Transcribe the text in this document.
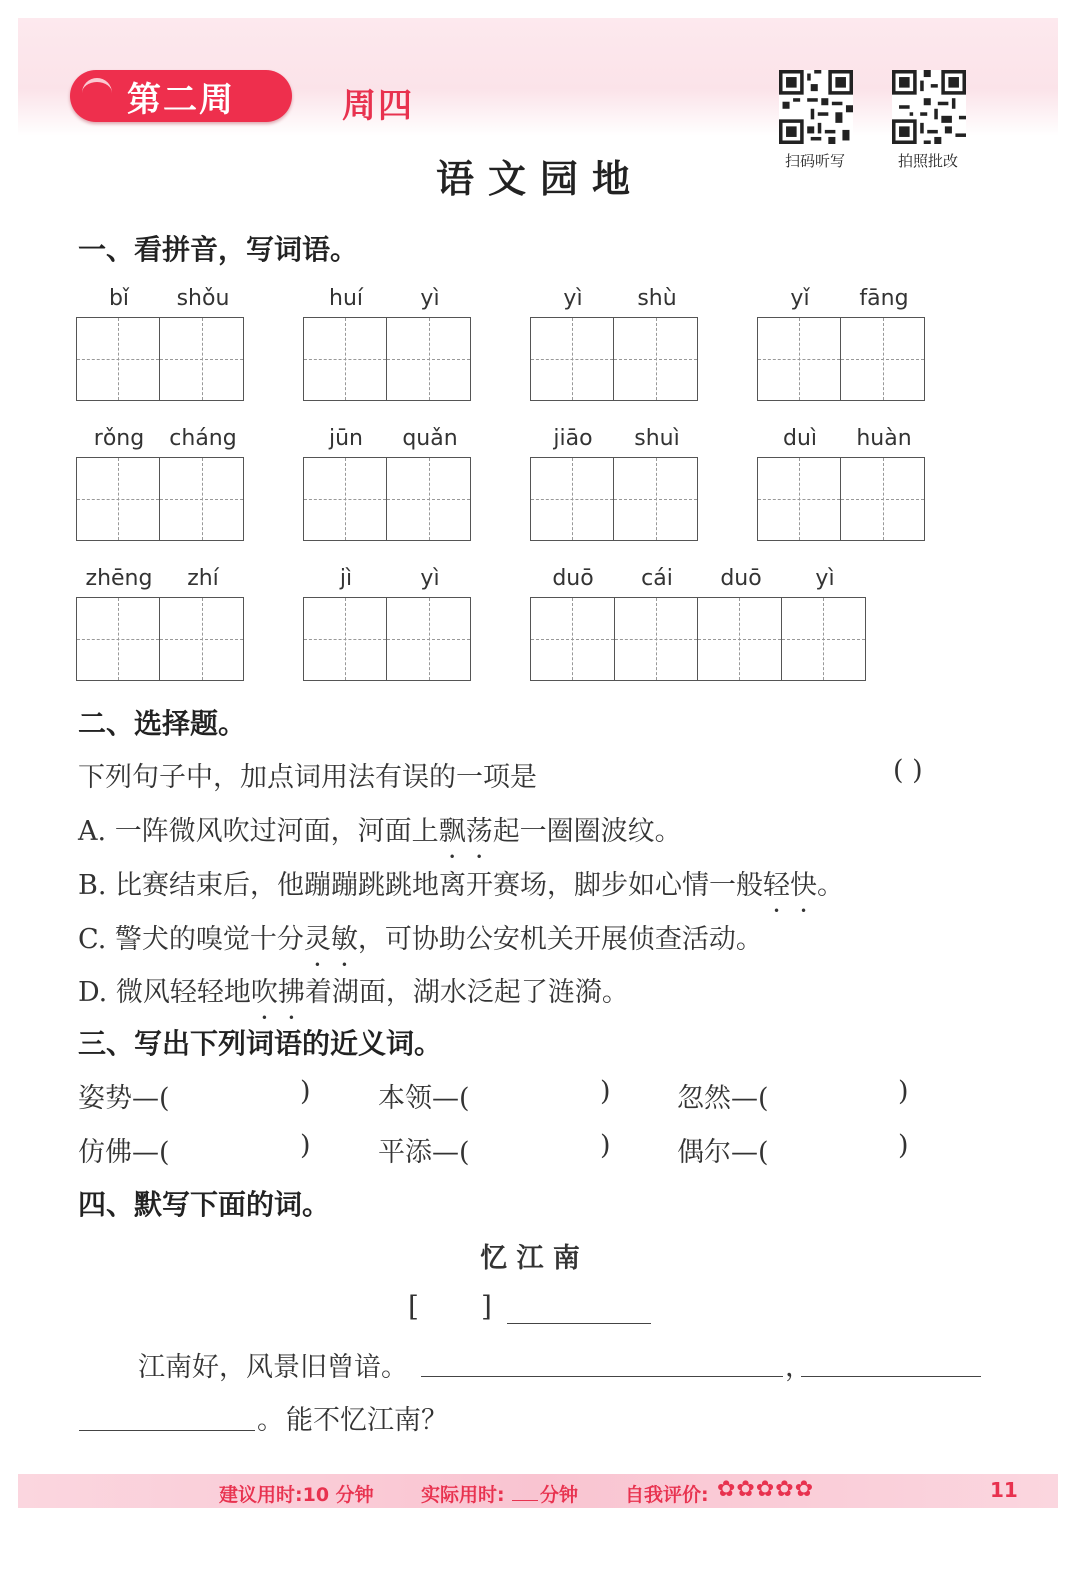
第二周	周四
扫码听写	拍照批改
语文园地
一、看拼音，写词语。
bǐ	shǒu	huí	yì	yì	shù	yǐ	fāng
rǒng	cháng	jūn	quǎn	jiāo	shuì	duì	huàn
zhēng	zhí	jì	yì	duō	cái	duō	yì
二、选择题。
下列句子中，加点词用法有误的一项是	( )
A. 一阵微风吹过河面，河面上飘荡起一圈圈波纹。
B. 比赛结束后，他蹦蹦跳跳地离开赛场，脚步如心情一般轻快。
C. 警犬的嗅觉十分灵敏，可协助公安机关开展侦查活动。
D. 微风轻轻地吹拂着湖面，湖水泛起了涟漪。
三、写出下列词语的近义词。
姿势—(	) 本领—(	) 忽然—(	)
仿佛—(	) 平添—(	) 偶尔—(	)
四、默写下面的词。
忆 江 南
[ ]
江南好，风景旧曾谙。	，
。 能不忆江南？
建议用时:10 分钟 实际用时: 分钟 自我评价: ✿✿✿✿✿	11
